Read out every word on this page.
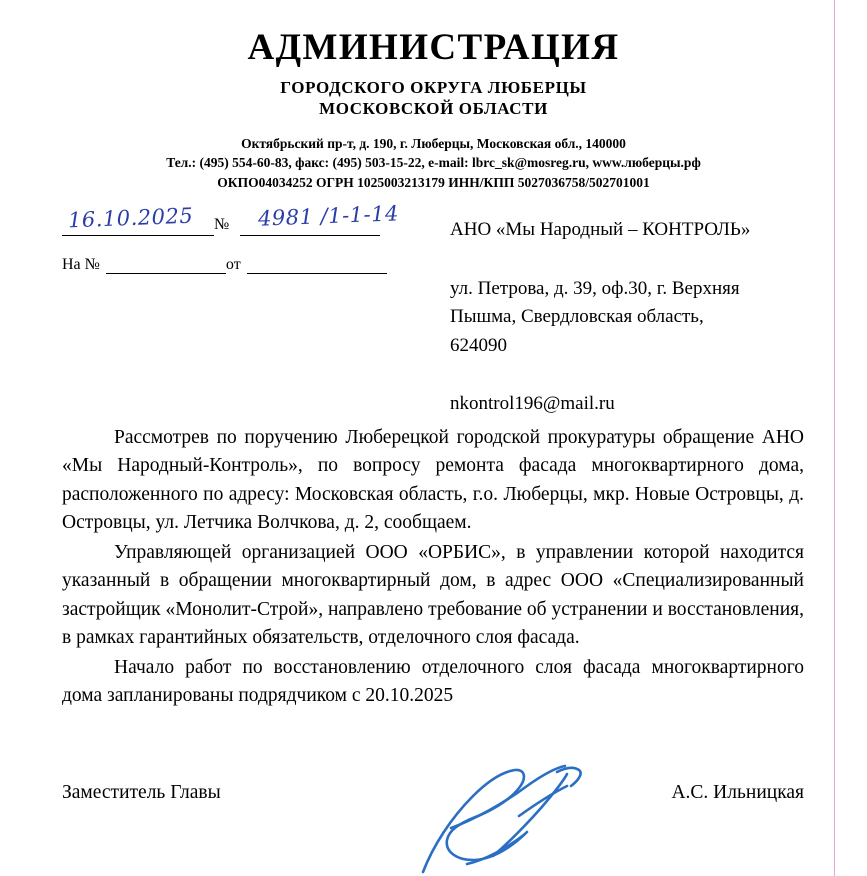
АДМИНИСТРАЦИЯ
ГОРОДСКОГО ОКРУГА ЛЮБЕРЦЫ
МОСКОВСКОЙ ОБЛАСТИ
Октябрьский пр-т, д. 190, г. Люберцы, Московская обл., 140000
Тел.: (495) 554-60-83, факс: (495) 503-15-22, e-mail: lbrc_sk@mosreg.ru, www.люберцы.рф
ОКПО04034252 ОГРН 1025003213179 ИНН/КПП 5027036758/502701001
№
На №	от
16.10.2025	4981 /1-1-14	АНО «Мы Народный – КОНТРОЛЬ»
ул. Петрова, д. 39, оф.30, г. Верхняя
Пышма, Свердловская область,
624090
nkontrol196@mail.ru

Рассмотрев по поручению Люберецкой городской прокуратуры обращение АНО «Мы Народный-Контроль», по вопросу ремонта фасада многоквартирного дома, расположенного по адресу: Московская область, г.о. Люберцы, мкр. Новые Островцы, д. Островцы, ул. Летчика Волчкова, д. 2, сообщаем.

Управляющей организацией ООО «ОРБИС», в управлении которой находится указанный в обращении многоквартирный дом, в адрес ООО «Специализированный застройщик «Монолит-Строй», направлено требование об устранении и восстановления, в рамках гарантийных обязательств, отделочного слоя фасада.

Начало работ по восстановлению отделочного слоя фасада многоквартирного дома запланированы подрядчиком с 20.10.2025

Заместитель Главы	А.С. Ильницкая
